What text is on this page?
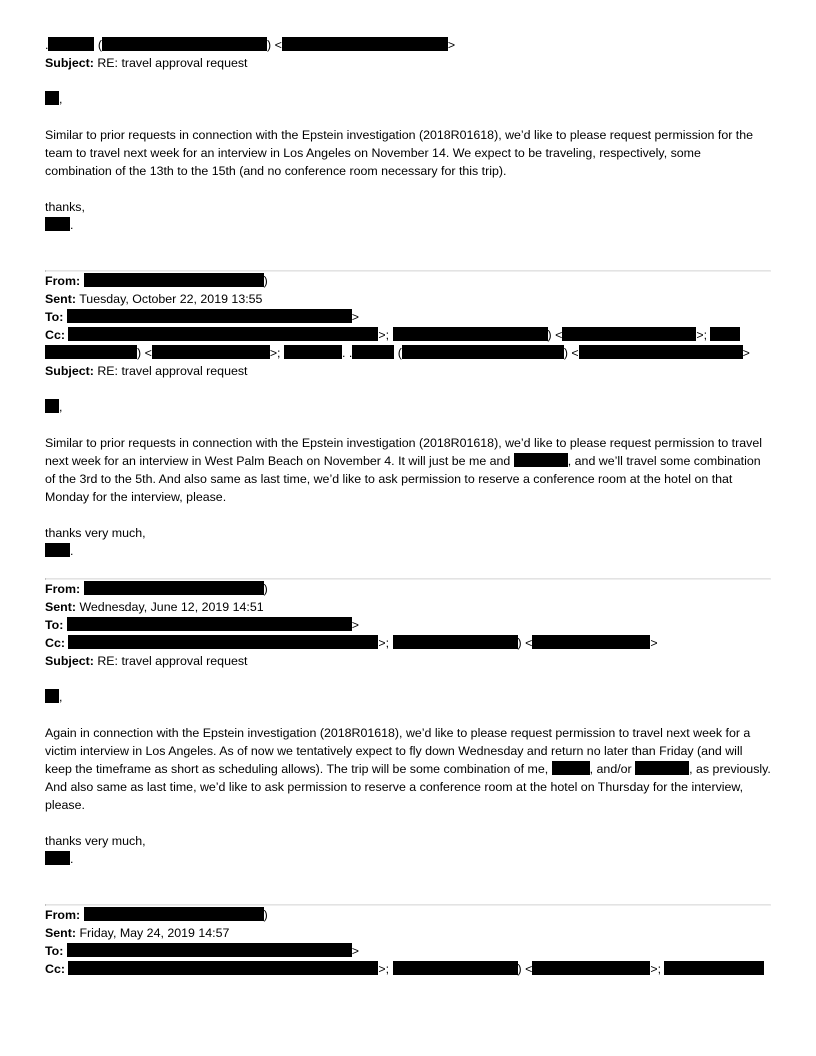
.	(	) <	>
Subject: RE: travel approval request
,
Similar to prior requests in connection with the Epstein investigation (2018R01618), we’d like to please request permission for the team to travel next week for an interview in Los Angeles on November 14. We expect to be traveling, respectively, some combination of the 13th to the 15th (and no conference room necessary for this trip).
thanks,
.
From:	)
Sent: Tuesday, October 22, 2019 13:55
To:	>
Cc:	>;	) <	>;
) <	>;	. .	(	) <	>
Subject: RE: travel approval request
,
Similar to prior requests in connection with the Epstein investigation (2018R01618), we’d like to please request permission to travel next week for an interview in West Palm Beach on November 4. It will just be me and	, and we’ll travel some combination of the 3rd to the 5th. And also same as last time, we’d like to ask permission to reserve a conference room at the hotel on that Monday for the interview, please.
thanks very much,
.
From:	)
Sent: Wednesday, June 12, 2019 14:51
To:	>
Cc:	>;	) <	>
Subject: RE: travel approval request
,
Again in connection with the Epstein investigation (2018R01618), we’d like to please request permission to travel next week for a victim interview in Los Angeles. As of now we tentatively expect to fly down Wednesday and return no later than Friday (and will keep the timeframe as short as scheduling allows). The trip will be some combination of me,	, and/or	, as previously. And also same as last time, we’d like to ask permission to reserve a conference room at the hotel on Thursday for the interview, please.
thanks very much,
.
From:	)
Sent: Friday, May 24, 2019 14:57
To:	>
Cc:	>;	) <	>;
